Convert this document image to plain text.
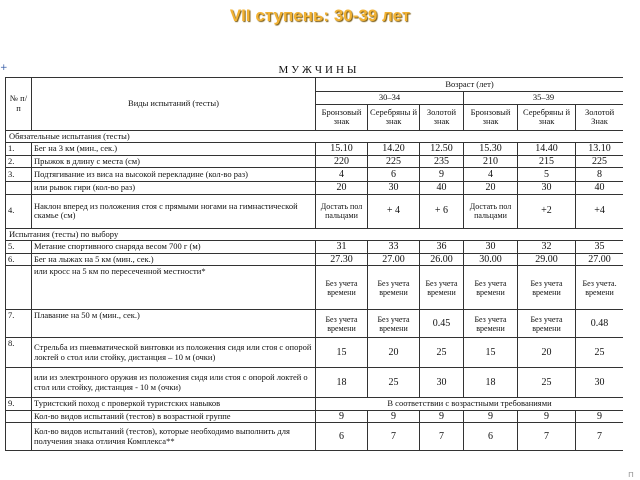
VII ступень: 30-39 лет
+	МУЖЧИНЫ
№ п/п	Виды испытаний (тесты)	Возраст (лет)					
		30–34			35–39		
		Бронзовый знак	Серебряны й знак	Золотой знак	Бронзовый знак	Серебряны й знак	Золотой Знак
Обязательные испытания (тесты)							
1.	Бег на 3 км (мин., сек.)	15.10	14.20	12.50	15.30	14.40	13.10
2.	Прыжок в длину с места (см)	220	225	235	210	215	225
3.	Подтягивание из виса на высокой перекладине (кол-во раз)	4	6	9	4	5	8
	или рывок гири (кол-во раз)	20	30	40	20	30	40
4.	Наклон вперед из положения стоя с прямыми ногами на гимнастической скамье (см)	Достать пол пальцами	+ 4	+ 6	Достать пол пальцами	+2	+4
Испытания (тесты) по выбору							
5.	Метание спортивного снаряда весом 700 г (м)	31	33	36	30	32	35
6.	Бег на лыжах на 5 км (мин., сек.)	27.30	27.00	26.00	30.00	29.00	27.00
	или кросс на 5 км по пересеченной местности*	Без учета времени	Без учета времени	Без учета времени	Без учета времени	Без учета времени	Без учета. времени
7.	Плавание на 50 м (мин., сек.)	Без учета времени	Без учета времени	0.45	Без учета времени	Без учета времени	0.48
8.	Стрельба из пневматической винтовки из положения сидя или стоя с опорой локтей о стол или стойку, дистанция – 10 м (очки)	15	20	25	15	20	25
	или из электронного оружия из положения сидя или стоя с опорой локтей о стол или стойку, дистанция - 10 м (очки)	18	25	30	18	25	30
9.	Туристский поход с проверкой туристских навыков	В соответствии с возрастными требованиями					
	Кол-во видов испытаний (тестов) в возрастной группе	9	9	9	9	9	9
	Кол-во видов испытаний (тестов), которые необходимо выполнить для получения знака отличия Комплекса**	6	7	7	6	7	7
п
